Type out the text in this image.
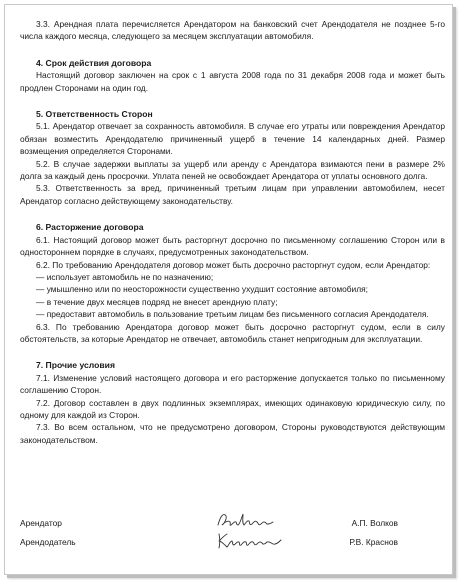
3.3. Арендная плата перечисляется Арендатором на банковский счет Арендодателя не позднее 5-го числа каждого месяца, следующего за месяцем эксплуатации автомобиля.

4. Срок действия договора

Настоящий договор заключен на срок с 1 августа 2008 года по 31 декабря 2008 года и может быть продлен Сторонами на один год.

5. Ответственность Сторон

5.1. Арендатор отвечает за сохранность автомобиля. В случае его утраты или повреждения Арендатор обязан возместить Арендодателю причиненный ущерб в течение 14 календарных дней. Размер возмещения определяется Сторонами.

5.2. В случае задержки выплаты за ущерб или аренду с Арендатора взимаются пени в размере 2% долга за каждый день просрочки. Уплата пеней не освобождает Арендатора от уплаты основного долга.

5.3. Ответственность за вред, причиненный третьим лицам при управлении автомобилем, несет Арендатор согласно действующему законодательству.

6. Расторжение договора

6.1. Настоящий договор может быть расторгнут досрочно по письменному соглашению Сторон или в одностороннем порядке в случаях, предусмотренных законодательством.

6.2. По требованию Арендодателя договор может быть досрочно расторгнут судом, если Арендатор:

— использует автомобиль не по назначению;

— умышленно или по неосторожности существенно ухудшит состояние автомобиля;

— в течение двух месяцев подряд не внесет арендную плату;

— предоставит автомобиль в пользование третьим лицам без письменного согласия Арендодателя.

6.3. По требованию Арендатора договор может быть досрочно расторгнут судом, если в силу обстоятельств, за которые Арендатор не отвечает, автомобиль станет непригодным для эксплуатации.

7. Прочие условия

7.1. Изменение условий настоящего договора и его расторжение допускается только по письменному соглашению Сторон.

7.2. Договор составлен в двух подлинных экземплярах, имеющих одинаковую юридическую силу, по одному для каждой из Сторон.

7.3. Во всем остальном, что не предусмотрено договором, Стороны руководствуются действующим законодательством.

Арендатор	А.П. Волков
Арендодатель	Р.В. Краснов
